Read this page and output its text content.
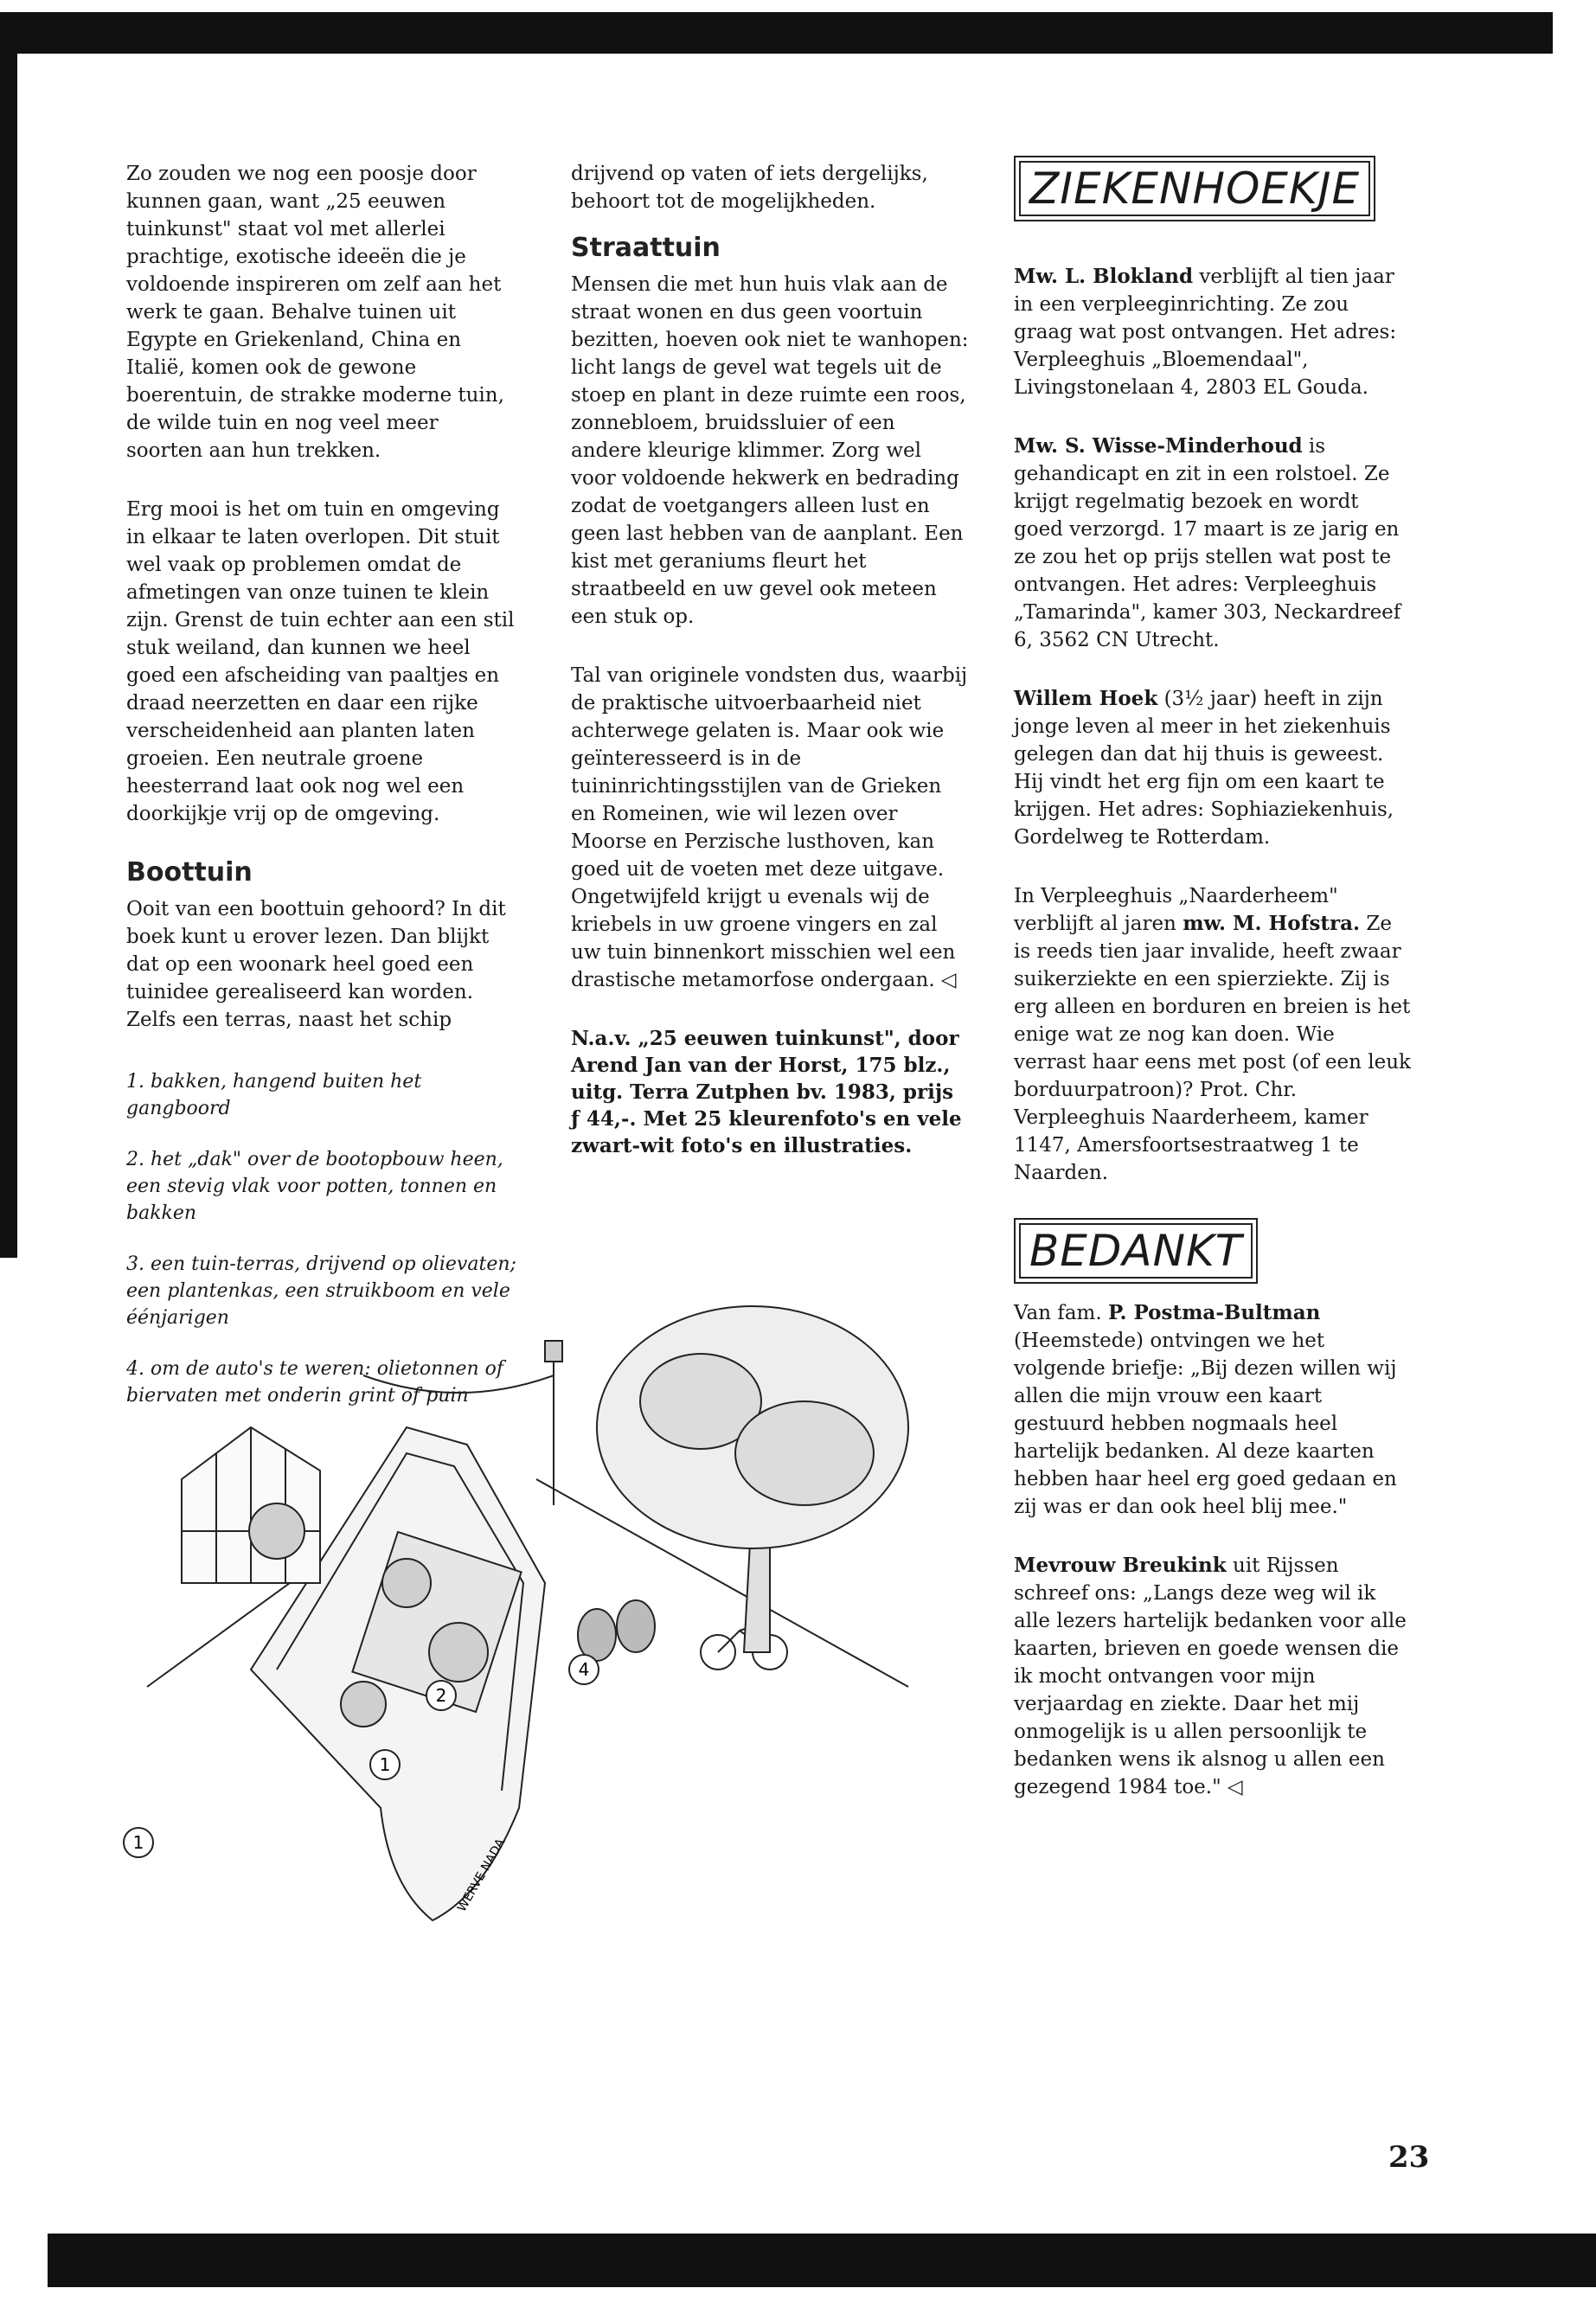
Zo zouden we nog een poosje door kunnen gaan, want „25 eeuwen tuinkunst" staat vol met allerlei prachtige, exotische ideeën die je voldoende inspireren om zelf aan het werk te gaan. Behalve tuinen uit Egypte en Griekenland, China en Italië, komen ook de gewone boerentuin, de strakke moderne tuin, de wilde tuin en nog veel meer soorten aan hun trekken.

Erg mooi is het om tuin en omgeving in elkaar te laten overlopen. Dit stuit wel vaak op problemen omdat de afmetingen van onze tuinen te klein zijn. Grenst de tuin echter aan een stil stuk weiland, dan kunnen we heel goed een afscheiding van paaltjes en draad neerzetten en daar een rijke verscheidenheid aan planten laten groeien. Een neutrale groene heesterrand laat ook nog wel een doorkijkje vrij op de omgeving.

Boottuin

Ooit van een boottuin gehoord? In dit boek kunt u erover lezen. Dan blijkt dat op een woonark heel goed een tuinidee gerealiseerd kan worden. Zelfs een terras, naast het schip

1. bakken, hangend buiten het gangboord
2. het „dak" over de bootopbouw heen, een stevig vlak voor potten, tonnen en bakken
3. een tuin-terras, drijvend op olievaten; een plantenkas, een struikboom en vele éénjarigen
4. om de auto's te weren: olietonnen of biervaten met onderin grint of puin

drijvend op vaten of iets dergelijks, behoort tot de mogelijkheden.

Straattuin

Mensen die met hun huis vlak aan de straat wonen en dus geen voortuin bezitten, hoeven ook niet te wanhopen: licht langs de gevel wat tegels uit de stoep en plant in deze ruimte een roos, zonnebloem, bruidssluier of een andere kleurige klimmer. Zorg wel voor voldoende hekwerk en bedrading zodat de voetgangers alleen lust en geen last hebben van de aanplant. Een kist met geraniums fleurt het straatbeeld en uw gevel ook meteen een stuk op.

Tal van originele vondsten dus, waarbij de praktische uitvoerbaarheid niet achterwege gelaten is. Maar ook wie geïnteresseerd is in de tuininrichtingsstijlen van de Grieken en Romeinen, wie wil lezen over Moorse en Perzische lusthoven, kan goed uit de voeten met deze uitgave. Ongetwijfeld krijgt u evenals wij de kriebels in uw groene vingers en zal uw tuin binnenkort misschien wel een drastische metamorfose ondergaan. ◁

N.a.v. „25 eeuwen tuinkunst", door Arend Jan van der Horst, 175 blz., uitg. Terra Zutphen bv. 1983, prijs ƒ 44,-. Met 25 kleurenfoto's en vele zwart-wit foto's en illustraties.

ZIEKENHOEKJE

Mw. L. Blokland verblijft al tien jaar in een verpleeginrichting. Ze zou graag wat post ontvangen. Het adres: Verpleeghuis „Bloemendaal", Livingstonelaan 4, 2803 EL Gouda.

Mw. S. Wisse-Minderhoud is gehandicapt en zit in een rolstoel. Ze krijgt regelmatig bezoek en wordt goed verzorgd. 17 maart is ze jarig en ze zou het op prijs stellen wat post te ontvangen. Het adres: Verpleeghuis „Tamarinda", kamer 303, Neckardreef 6, 3562 CN Utrecht.

Willem Hoek (3½ jaar) heeft in zijn jonge leven al meer in het ziekenhuis gelegen dan dat hij thuis is geweest. Hij vindt het erg fijn om een kaart te krijgen. Het adres: Sophiaziekenhuis, Gordelweg te Rotterdam.

In Verpleeghuis „Naarderheem" verblijft al jaren mw. M. Hofstra. Ze is reeds tien jaar invalide, heeft zwaar suikerziekte en een spierziekte. Zij is erg alleen en borduren en breien is het enige wat ze nog kan doen. Wie verrast haar eens met post (of een leuk borduurpatroon)? Prot. Chr. Verpleeghuis Naarderheem, kamer 1147, Amersfoortsestraatweg 1 te Naarden.

BEDANKT

Van fam. P. Postma-Bultman (Heemstede) ontvingen we het volgende briefje: „Bij dezen willen wij allen die mijn vrouw een kaart gestuurd hebben nogmaals heel hartelijk bedanken. Al deze kaarten hebben haar heel erg goed gedaan en zij was er dan ook heel blij mee."

Mevrouw Breukink uit Rijssen schreef ons: „Langs deze weg wil ik alle lezers hartelijk bedanken voor alle kaarten, brieven en goede wensen die ik mocht ontvangen voor mijn verjaardag en ziekte. Daar het mij onmogelijk is u allen persoonlijk te bedanken wens ik alsnog u allen een gezegend 1984 toe." ◁

1
2
1
4
WERVE NADA
23
